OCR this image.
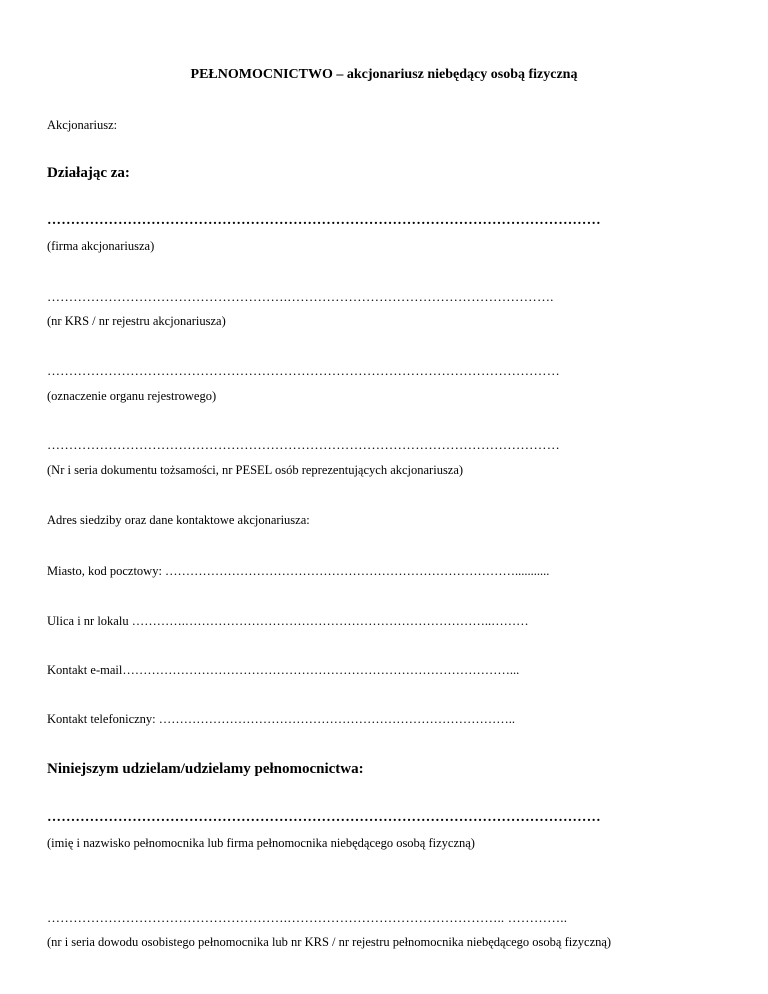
PEŁNOMOCNICTWO – akcjonariusz niebędący osobą fizyczną
Akcjonariusz:
Działając za:
………………………………………………………………………………………………………
(firma akcjonariusza)
……………………………………………….…………………………………………………….
(nr KRS / nr rejestru akcjonariusza)
………………………………………………………………………………………………………
(oznaczenie organu rejestrowego)
………………………………………………………………………………………………………
(Nr i seria dokumentu tożsamości, nr PESEL osób reprezentujących akcjonariusza)
Adres siedziby oraz dane kontaktowe akcjonariusza:
Miasto, kod pocztowy: …………………………………………………………………………...........
Ulica i nr lokalu ………….………………………………………………………………..………
Kontakt e-mail…………………………………………………………………………………...
Kontakt telefoniczny: …………………………………………………………………………..
Niniejszym udzielam/udzielamy pełnomocnictwa:
………………………………………………………………………………………………………
(imię i nazwisko pełnomocnika lub firma pełnomocnika niebędącego osobą fizyczną)
……………………………………………….………………………………………….. …………..
(nr i seria dowodu osobistego pełnomocnika lub nr KRS / nr rejestru pełnomocnika niebędącego osobą fizyczną)
